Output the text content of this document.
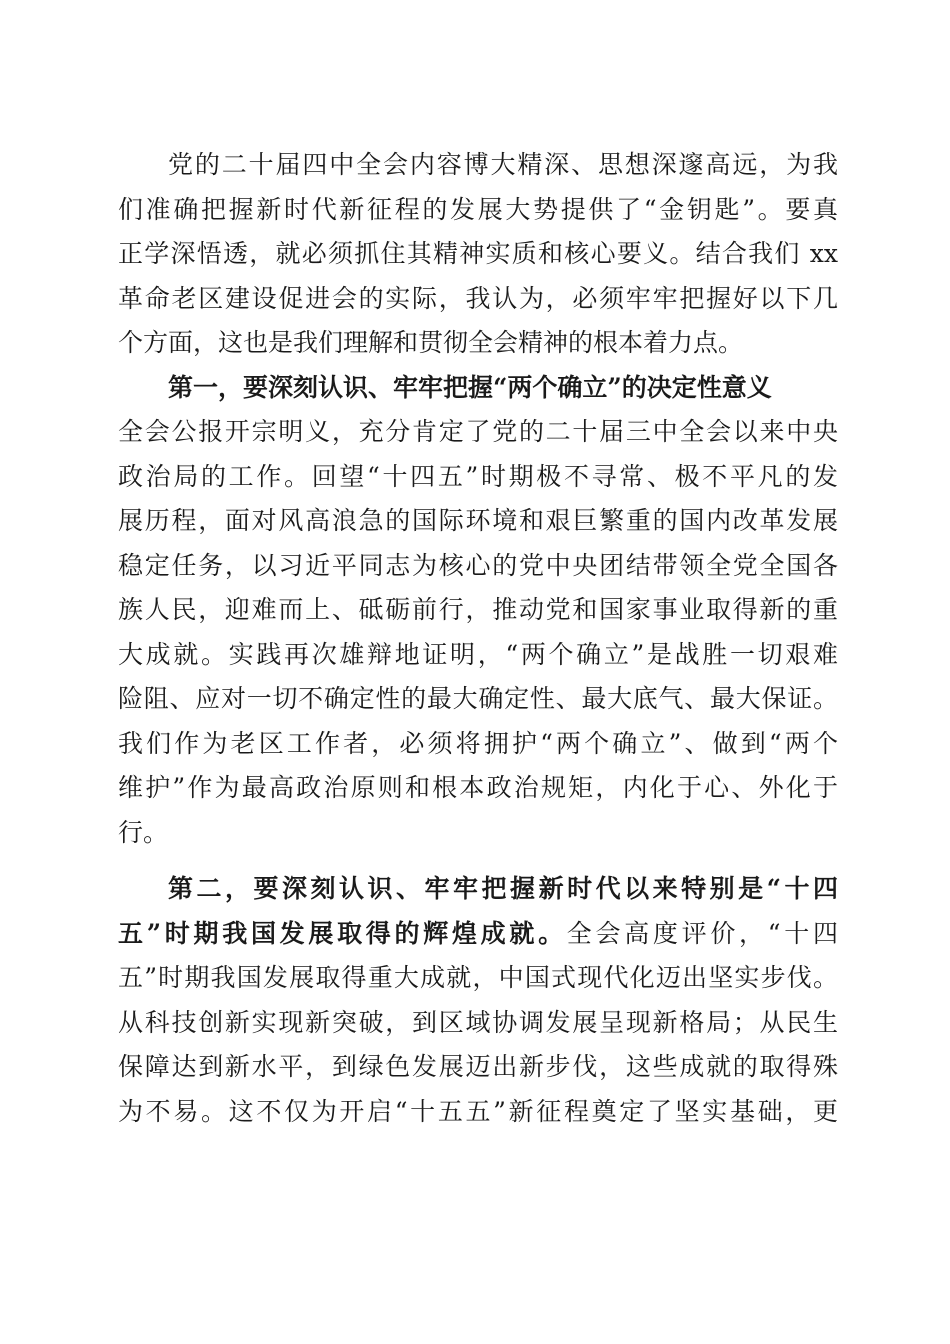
党的二十届四中全会内容博大精深、思想深邃高远，为我
们准确把握新时代新征程的发展大势提供了“金钥匙”。要真
正学深悟透，就必须抓住其精神实质和核心要义。结合我们 xx
革命老区建设促进会的实际，我认为，必须牢牢把握好以下几
个方面，这也是我们理解和贯彻全会精神的根本着力点。
第一，要深刻认识、牢牢把握“两个确立”的决定性意义
全会公报开宗明义，充分肯定了党的二十届三中全会以来中央
政治局的工作。回望“十四五”时期极不寻常、极不平凡的发
展历程，面对风高浪急的国际环境和艰巨繁重的国内改革发展
稳定任务，以习近平同志为核心的党中央团结带领全党全国各
族人民，迎难而上、砥砺前行，推动党和国家事业取得新的重
大成就。实践再次雄辩地证明，“两个确立”是战胜一切艰难
险阻、应对一切不确定性的最大确定性、最大底气、最大保证。
我们作为老区工作者，必须将拥护“两个确立”、做到“两个
维护”作为最高政治原则和根本政治规矩，内化于心、外化于
行。
第二，要深刻认识、牢牢把握新时代以来特别是“十四
五”时期我国发展取得的辉煌成就。全会高度评价，“十四
五”时期我国发展取得重大成就，中国式现代化迈出坚实步伐。
从科技创新实现新突破，到区域协调发展呈现新格局；从民生
保障达到新水平，到绿色发展迈出新步伐，这些成就的取得殊
为不易。这不仅为开启“十五五”新征程奠定了坚实基础，更
